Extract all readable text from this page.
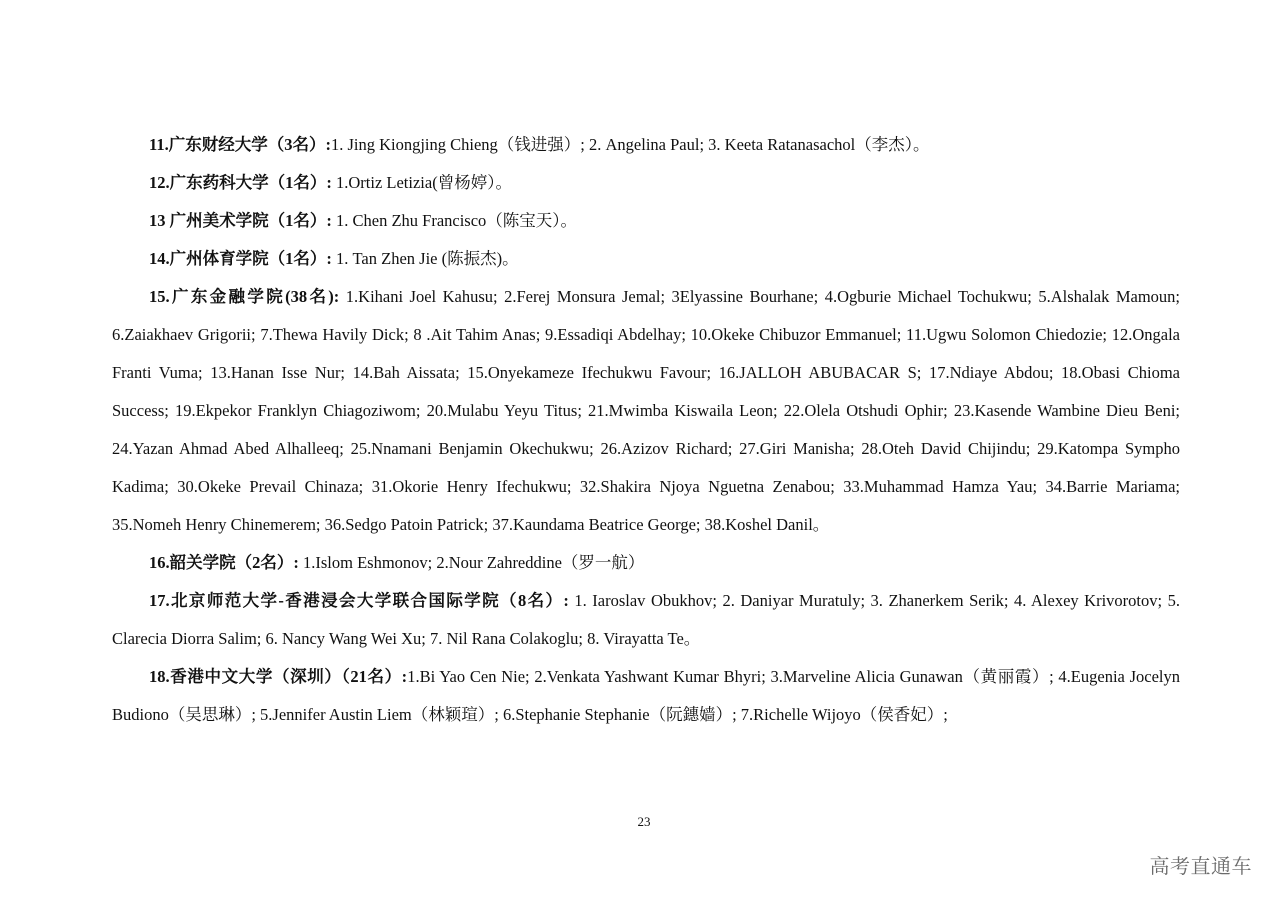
11.广东财经大学（3名）:1. Jing Kiongjing Chieng（钱进强）; 2. Angelina Paul; 3. Keeta Ratanasachol（李杰）。

12.广东药科大学（1名）: 1.Ortiz Letizia(曾杨婷）。

13 广州美术学院（1名）: 1. Chen Zhu Francisco（陈宝天）。

14.广州体育学院（1名）: 1. Tan Zhen Jie (陈振杰)。

15.广东金融学院(38名): 1.Kihani Joel Kahusu; 2.Ferej Monsura Jemal; 3Elyassine Bourhane; 4.Ogburie Michael Tochukwu; 5.Alshalak Mamoun; 6.Zaiakhaev Grigorii; 7.Thewa Havily Dick; 8 .Ait Tahim Anas; 9.Essadiqi Abdelhay; 10.Okeke Chibuzor Emmanuel; 11.Ugwu Solomon Chiedozie; 12.Ongala Franti Vuma; 13.Hanan Isse Nur; 14.Bah Aissata; 15.Onyekameze Ifechukwu Favour; 16.JALLOH ABUBACAR S; 17.Ndiaye Abdou; 18.Obasi Chioma Success; 19.Ekpekor Franklyn Chiagoziwom; 20.Mulabu Yeyu Titus; 21.Mwimba Kiswaila Leon; 22.Olela Otshudi Ophir; 23.Kasende Wambine Dieu Beni; 24.Yazan Ahmad Abed Alhalleeq; 25.Nnamani Benjamin Okechukwu; 26.Azizov Richard; 27.Giri Manisha; 28.Oteh David Chijindu; 29.Katompa Sympho Kadima; 30.Okeke Prevail Chinaza; 31.Okorie Henry Ifechukwu; 32.Shakira Njoya Nguetna Zenabou; 33.Muhammad Hamza Yau; 34.Barrie Mariama; 35.Nomeh Henry Chinemerem; 36.Sedgo Patoin Patrick; 37.Kaundama Beatrice George; 38.Koshel Danil。

16.韶关学院（2名）: 1.Islom Eshmonov; 2.Nour Zahreddine（罗一航）

17.北京师范大学-香港浸会大学联合国际学院（8名）: 1. Iaroslav Obukhov; 2. Daniyar Muratuly; 3. Zhanerkem Serik; 4. Alexey Krivorotov; 5. Clarecia Diorra Salim; 6. Nancy Wang Wei Xu; 7. Nil Rana Colakoglu; 8. Virayatta Te。

18.香港中文大学（深圳）（21名）:1.Bi Yao Cen Nie; 2.Venkata Yashwant Kumar Bhyri; 3.Marveline Alicia Gunawan（黄丽霞）; 4.Eugenia Jocelyn Budiono（吴思琳）; 5.Jennifer Austin Liem（林颖瑄）; 6.Stephanie Stephanie（阮鏸嫱）; 7.Richelle Wijoyo（侯香妃）;

23
高考直通车
